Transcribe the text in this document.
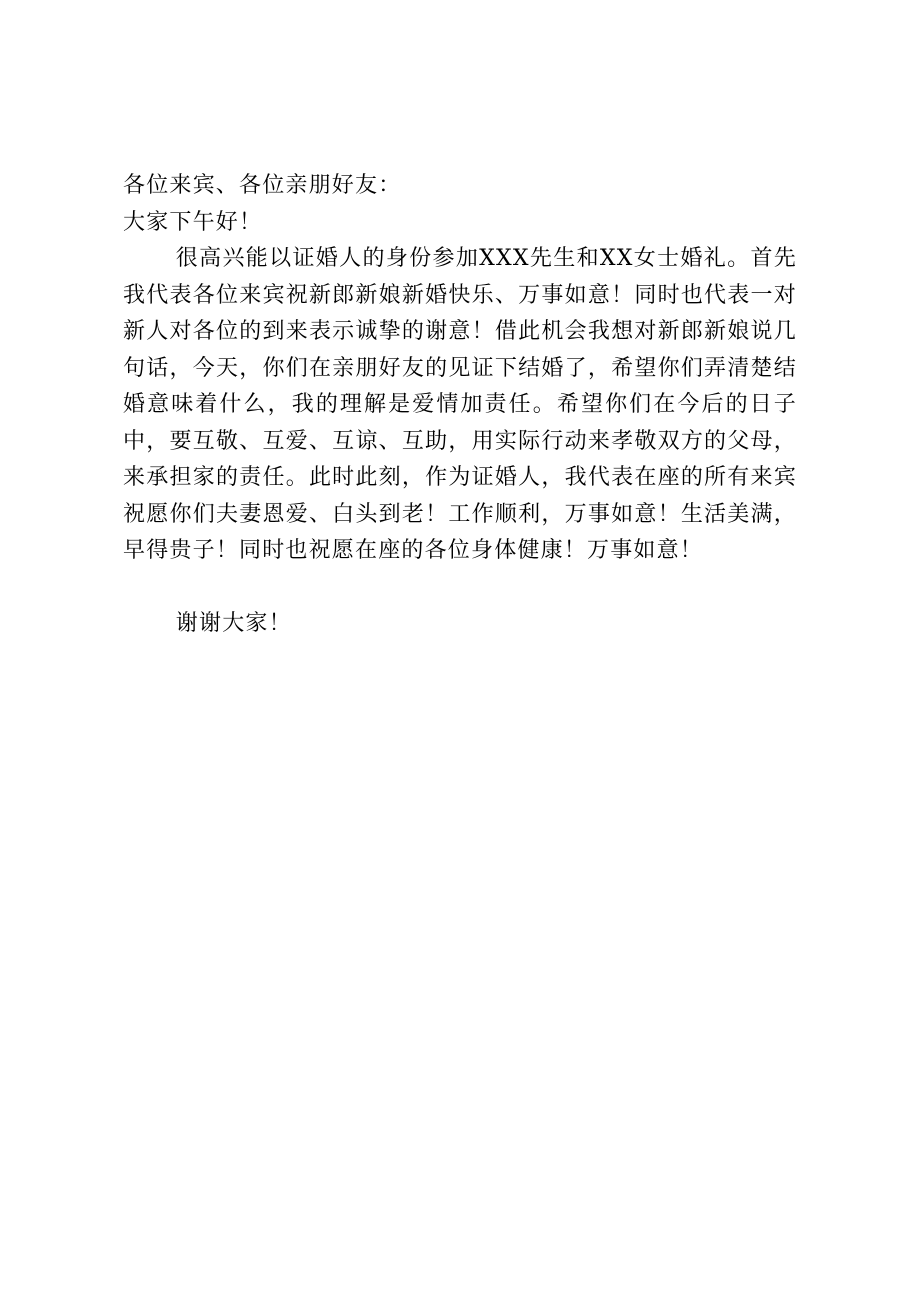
各位来宾、各位亲朋好友：

大家下午好！

很高兴能以证婚人的身份参加XXX先生和XX女士婚礼。首先我代表各位来宾祝新郎新娘新婚快乐、万事如意！同时也代表一对新人对各位的到来表示诚挚的谢意！借此机会我想对新郎新娘说几句话，今天，你们在亲朋好友的见证下结婚了，希望你们弄清楚结婚意味着什么，我的理解是爱情加责任。希望你们在今后的日子中，要互敬、互爱、互谅、互助，用实际行动来孝敬双方的父母，来承担家的责任。此时此刻，作为证婚人，我代表在座的所有来宾祝愿你们夫妻恩爱、白头到老！工作顺利，万事如意！生活美满，早得贵子！同时也祝愿在座的各位身体健康！万事如意！

谢谢大家！
